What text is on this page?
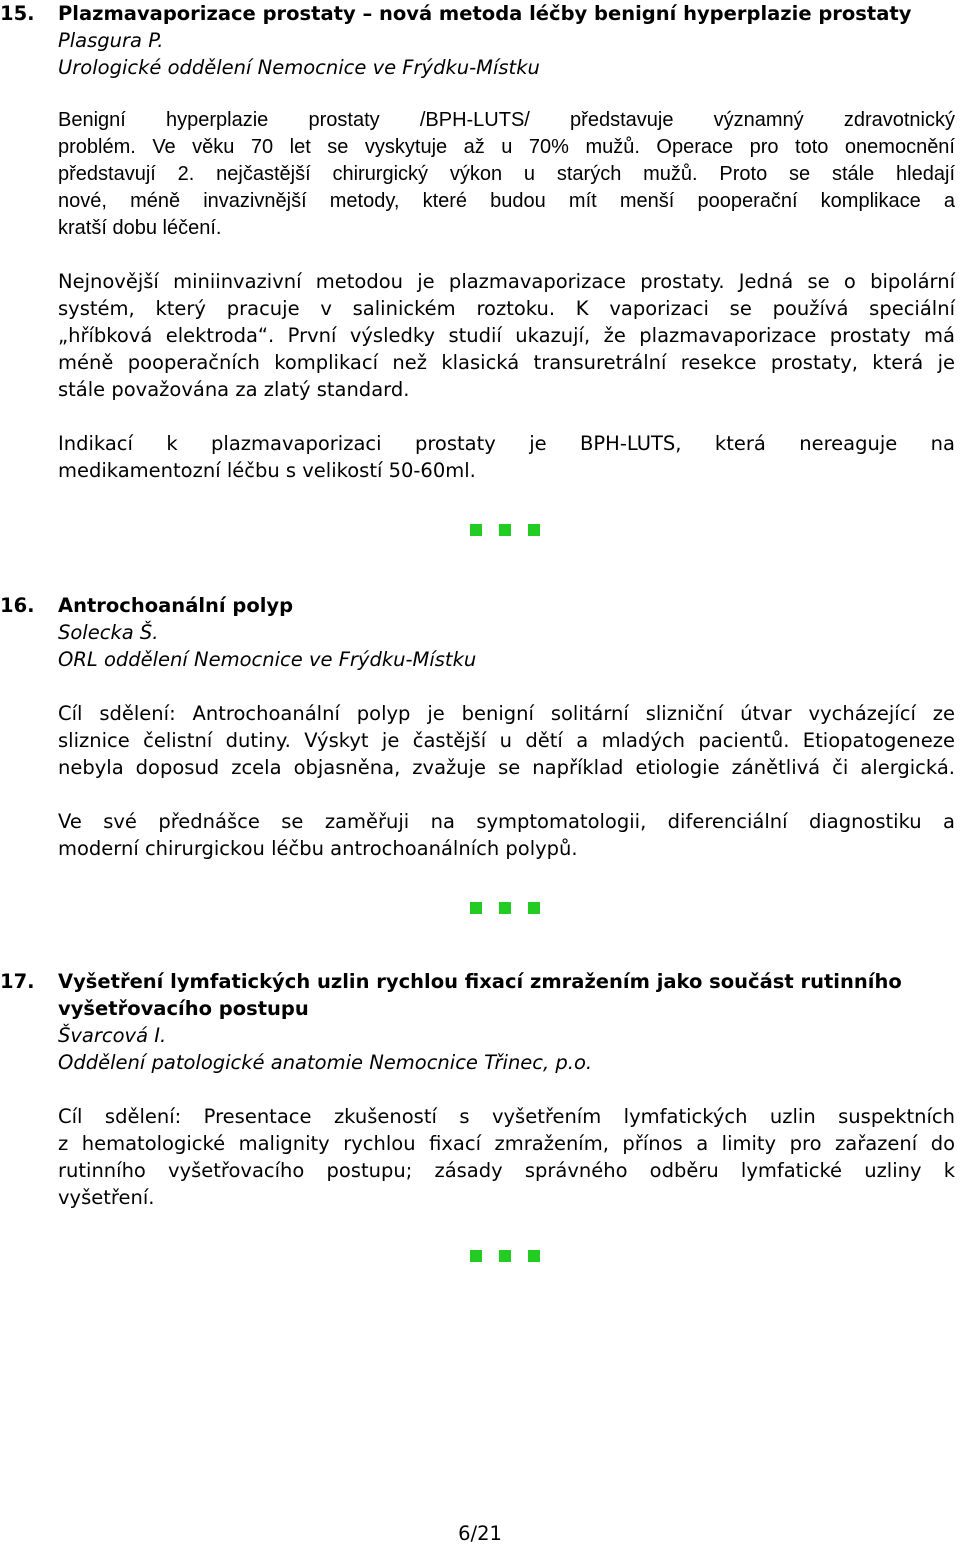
15. Plazmavaporizace prostaty – nová metoda léčby benigní hyperplazie prostaty
Plasgura P.
Urologické oddělení Nemocnice ve Frýdku-Místku
Benigní hyperplazie prostaty /BPH-LUTS/ představuje významný zdravotnický
problém. Ve věku 70 let se vyskytuje až u 70% mužů. Operace pro toto onemocnění
představují 2. nejčastější chirurgický výkon u starých mužů. Proto se stále hledají
nové, méně invazivnější metody, které budou mít menší pooperační komplikace a
kratší dobu léčení.
Nejnovější miniinvazivní metodou je plazmavaporizace prostaty. Jedná se o bipolární
systém, který pracuje v salinickém roztoku. K vaporizaci se používá speciální
„hříbková elektroda“. První výsledky studií ukazují, že plazmavaporizace prostaty má
méně pooperačních komplikací než klasická transuretrální resekce prostaty, která je
stále považována za zlatý standard.
Indikací k plazmavaporizaci prostaty je BPH-LUTS, která nereaguje na
medikamentozní léčbu s velikostí 50-60ml.
16. Antrochoanální polyp
Solecka Š.
ORL oddělení Nemocnice ve Frýdku-Místku
Cíl sdělení: Antrochoanální polyp je benigní solitární slizniční útvar vycházející ze
sliznice čelistní dutiny. Výskyt je častější u dětí a mladých pacientů. Etiopatogeneze
nebyla doposud zcela objasněna, zvažuje se například etiologie zánětlivá či alergická.
Ve své přednášce se zaměřuji na symptomatologii, diferenciální diagnostiku a
moderní chirurgickou léčbu antrochoanálních polypů.
17. Vyšetření lymfatických uzlin rychlou fixací zmražením jako součást rutinního
vyšetřovacího postupu
Švarcová I.
Oddělení patologické anatomie Nemocnice Třinec, p.o.
Cíl sdělení: Presentace zkušeností s vyšetřením lymfatických uzlin suspektních
z hematologické malignity rychlou fixací zmražením, přínos a limity pro zařazení do
rutinního vyšetřovacího postupu; zásady správného odběru lymfatické uzliny k
vyšetření.
6/21
